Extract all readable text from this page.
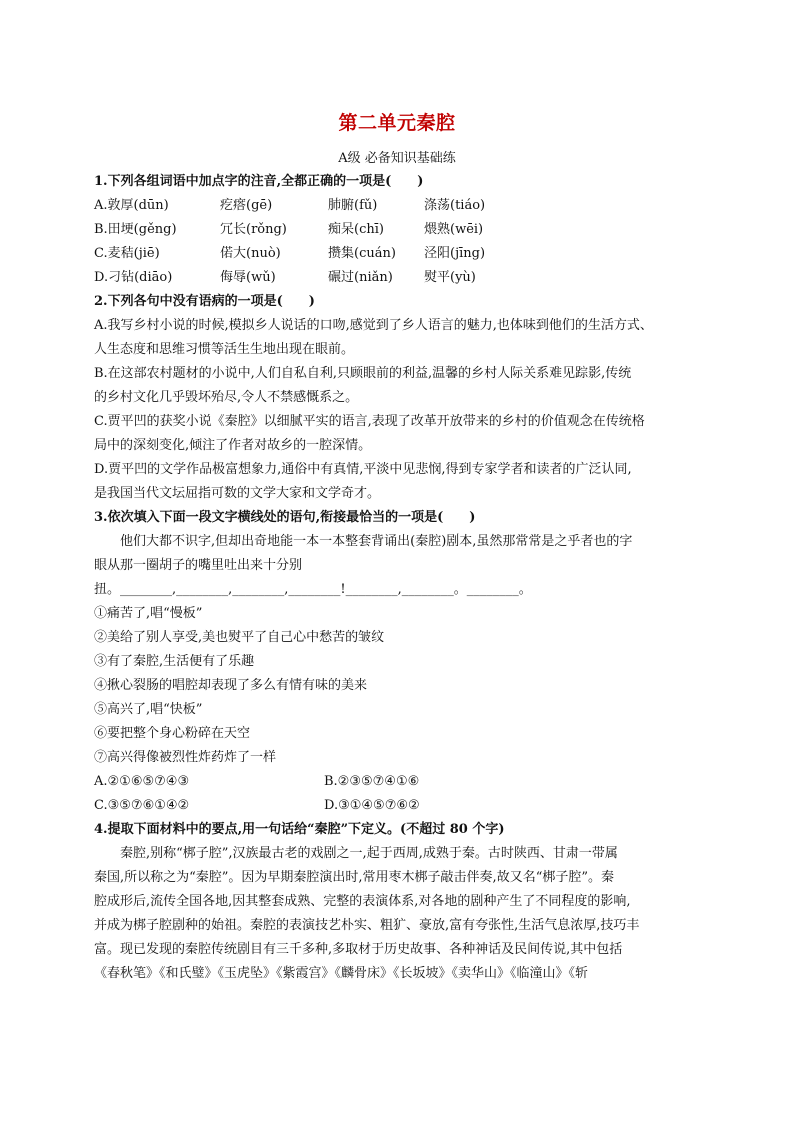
第二单元秦腔
A级 必备知识基础练
1.下列各组词语中加点字的注音,全都正确的一项是(　　)
A.敦厚(dūn)	疙瘩(gē)	肺腑(fǔ)	涤荡(tiáo)
B.田埂(gěng)	冗长(rǒng)	痴呆(chī)	煨熟(wēi)
C.麦秸(jiē)	偌大(nuò)	攒集(cuán)	泾阳(jīng)
D.刁钻(diāo)	侮辱(wǔ)	碾过(niǎn)	熨平(yù)
2.下列各句中没有语病的一项是(　　)
A.我写乡村小说的时候,模拟乡人说话的口吻,感觉到了乡人语言的魅力,也体味到他们的生活方式、
人生态度和思维习惯等活生生地出现在眼前。
B.在这部农村题材的小说中,人们自私自利,只顾眼前的利益,温馨的乡村人际关系难见踪影,传统
的乡村文化几乎毁坏殆尽,令人不禁感慨系之。
C.贾平凹的获奖小说《秦腔》以细腻平实的语言,表现了改革开放带来的乡村的价值观念在传统格
局中的深刻变化,倾注了作者对故乡的一腔深情。
D.贾平凹的文学作品极富想象力,通俗中有真情,平淡中见悲悯,得到专家学者和读者的广泛认同,
是我国当代文坛屈指可数的文学大家和文学奇才。
3.依次填入下面一段文字横线处的语句,衔接最恰当的一项是(　　)
他们大都不识字,但却出奇地能一本一本整套背诵出(秦腔)剧本,虽然那常常是之乎者也的字
眼从那一圈胡子的嘴里吐出来十分别
扭。________,________,________,________!________,________。________。
①痛苦了,唱“慢板”
②美给了别人享受,美也熨平了自己心中愁苦的皱纹
③有了秦腔,生活便有了乐趣
④揪心裂肠的唱腔却表现了多么有情有味的美来
⑤高兴了,唱“快板”
⑥要把整个身心粉碎在天空
⑦高兴得像被烈性炸药炸了一样
A.②①⑥⑤⑦④③	B.②③⑤⑦④①⑥
C.③⑤⑦⑥①④②	D.③①④⑤⑦⑥②
4.提取下面材料中的要点,用一句话给“秦腔”下定义。(不超过 80 个字)
秦腔,别称“梆子腔”,汉族最古老的戏剧之一,起于西周,成熟于秦。古时陕西、甘肃一带属
秦国,所以称之为“秦腔”。因为早期秦腔演出时,常用枣木梆子敲击伴奏,故又名“梆子腔”。秦
腔成形后,流传全国各地,因其整套成熟、完整的表演体系,对各地的剧种产生了不同程度的影响,
并成为梆子腔剧种的始祖。秦腔的表演技艺朴实、粗犷、豪放,富有夸张性,生活气息浓厚,技巧丰
富。现已发现的秦腔传统剧目有三千多种,多取材于历史故事、各种神话及民间传说,其中包括
《春秋笔》《和氏璧》《玉虎坠》《紫霞宫》《麟骨床》《长坂坡》《卖华山》《临潼山》《斩
